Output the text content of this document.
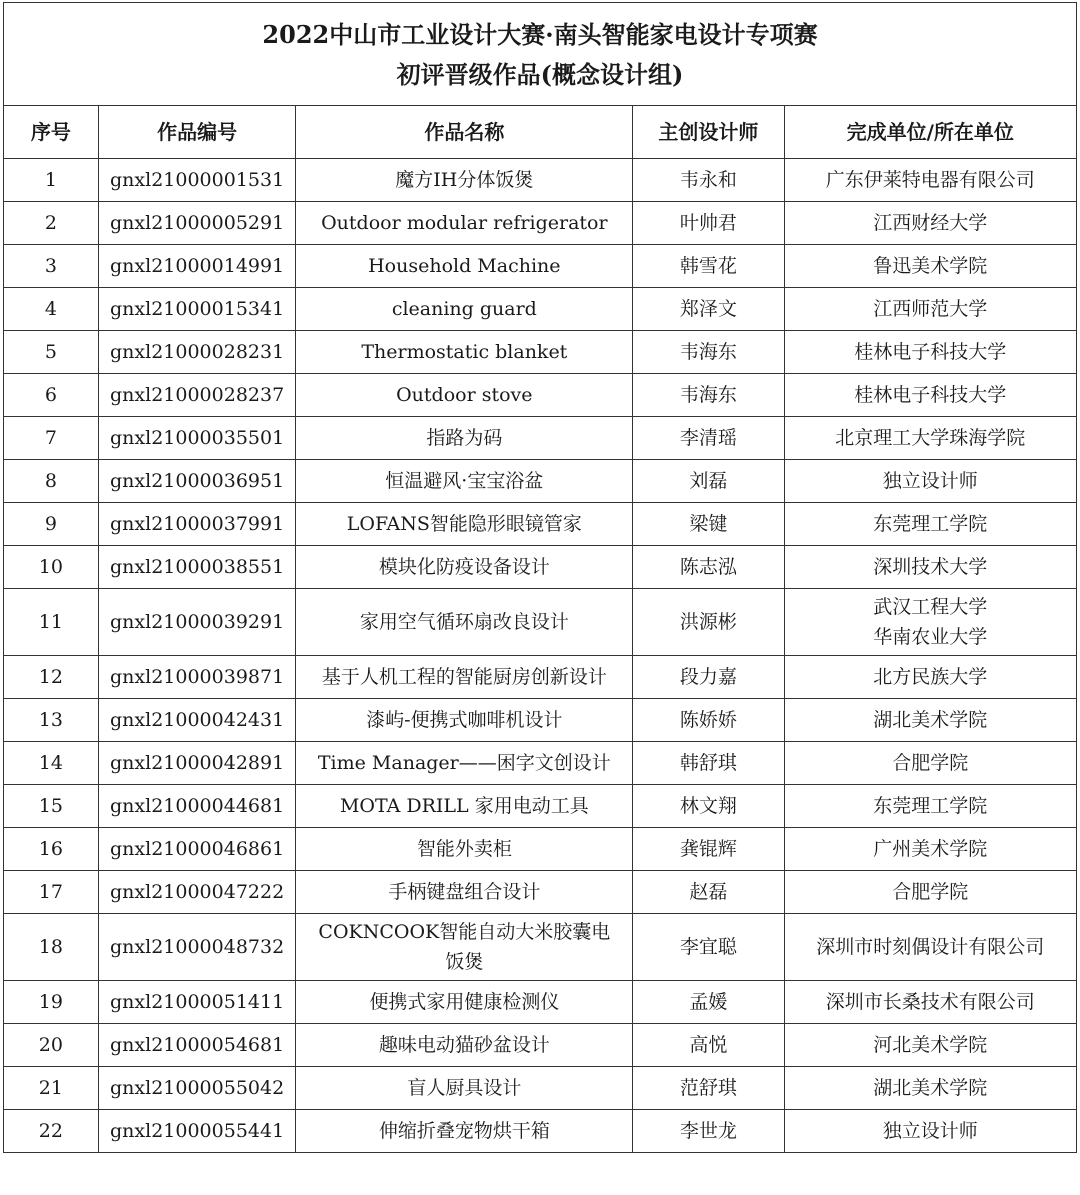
2022中山市工业设计大赛·南头智能家电设计专项赛
初评晋级作品(概念设计组)				

序号	作品编号	作品名称	主创设计师	完成单位/所在单位
1	gnxl21000001531	魔方IH分体饭煲	韦永和	广东伊莱特电器有限公司

2	gnxl21000005291	Outdoor modular refrigerator	叶帅君	江西财经大学

3	gnxl21000014991	Household Machine	韩雪花	鲁迅美术学院

4	gnxl21000015341	cleaning guard	郑泽文	江西师范大学

5	gnxl21000028231	Thermostatic blanket	韦海东	桂林电子科技大学

6	gnxl21000028237	Outdoor stove	韦海东	桂林电子科技大学

7	gnxl21000035501	指路为码	李清瑶	北京理工大学珠海学院

8	gnxl21000036951	恒温避风·宝宝浴盆	刘磊	独立设计师

9	gnxl21000037991	LOFANS智能隐形眼镜管家	梁键	东莞理工学院

10	gnxl21000038551	模块化防疫设备设计	陈志泓	深圳技术大学

11	gnxl21000039291	家用空气循环扇改良设计	洪源彬	武汉工程大学
华南农业大学

12	gnxl21000039871	基于人机工程的智能厨房创新设计	段力嘉	北方民族大学

13	gnxl21000042431	漆屿-便携式咖啡机设计	陈娇娇	湖北美术学院

14	gnxl21000042891	Time Manager——困字文创设计	韩舒琪	合肥学院

15	gnxl21000044681	MOTA DRILL 家用电动工具	林文翔	东莞理工学院

16	gnxl21000046861	智能外卖柜	龚锟辉	广州美术学院

17	gnxl21000047222	手柄键盘组合设计	赵磊	合肥学院

18	gnxl21000048732	COKNCOOK智能自动大米胶囊电
饭煲	李宜聪	深圳市时刻偶设计有限公司

19	gnxl21000051411	便携式家用健康检测仪	孟媛	深圳市长桑技术有限公司

20	gnxl21000054681	趣味电动猫砂盆设计	高悦	河北美术学院

21	gnxl21000055042	盲人厨具设计	范舒琪	湖北美术学院

22	gnxl21000055441	伸缩折叠宠物烘干箱	李世龙	独立设计师
